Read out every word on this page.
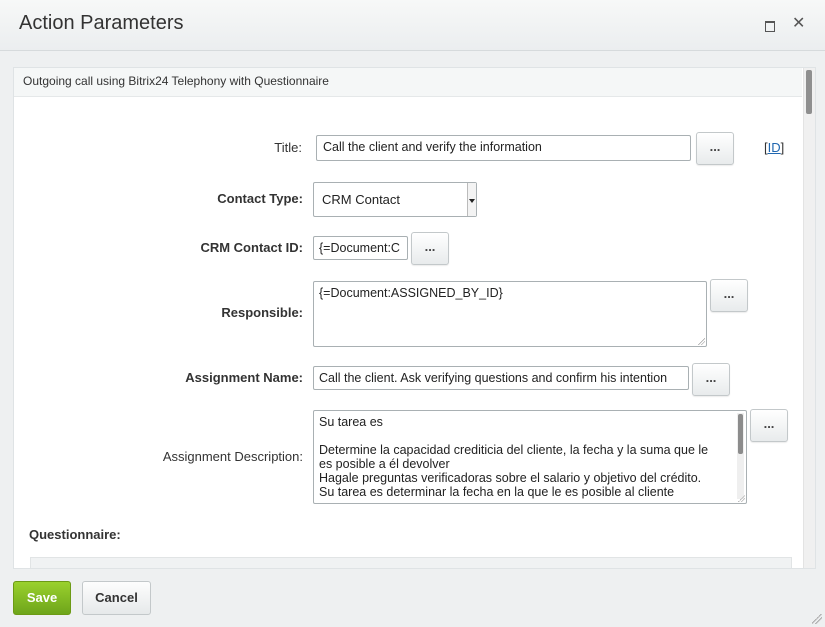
Action Parameters	✕
Outgoing call using Bitrix24 Telephony with Questionnaire
Title:	Call the client and verify the information	...	[ID]
Contact Type:	CRM Contact
CRM Contact ID:	{=Document:C	...
Responsible:
{=Document:ASSIGNED_BY_ID}	...
Assignment Name:	Call the client. Ask verifying questions and confirm his intention	...
Assignment Description:
Su tarea es
Determine la capacidad crediticia del cliente, la fecha y la suma que le
es posible a él devolver
Hagale preguntas verificadoras sobre el salario y objetivo del crédito.
Su tarea es determinar la fecha en la que le es posible al cliente
...
Questionnaire:
Save	Cancel
